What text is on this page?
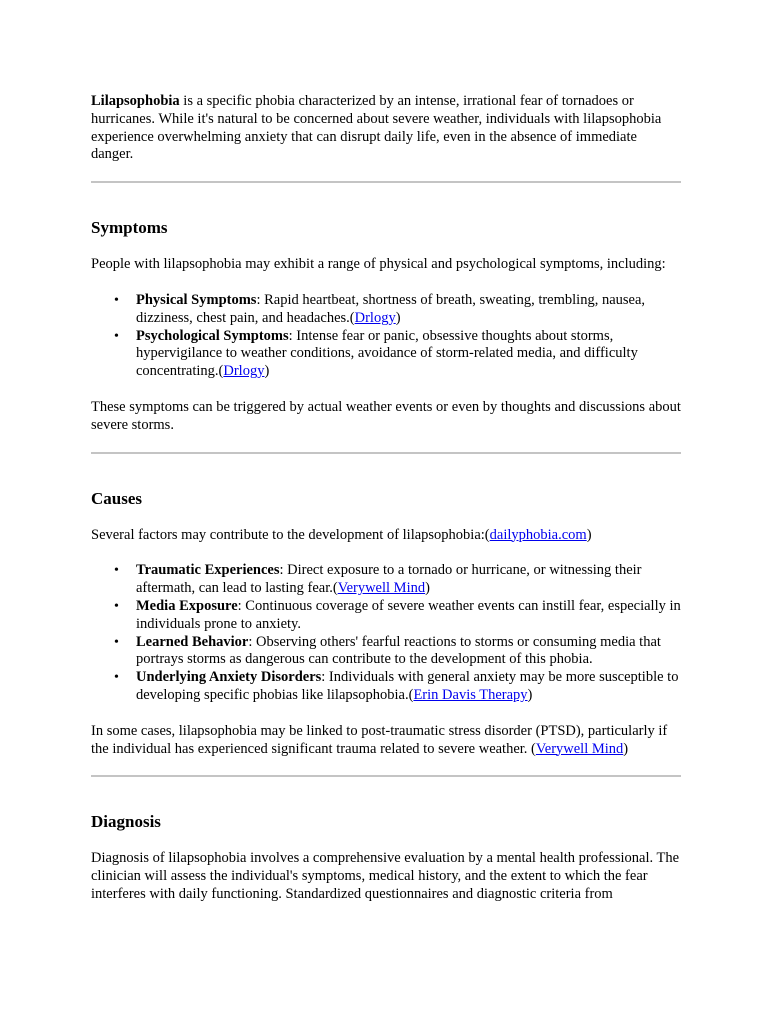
Lilapsophobia is a specific phobia characterized by an intense, irrational fear of tornadoes or hurricanes. While it's natural to be concerned about severe weather, individuals with lilapsophobia experience overwhelming anxiety that can disrupt daily life, even in the absence of immediate danger.

Symptoms

People with lilapsophobia may exhibit a range of physical and psychological symptoms, including:

• Physical Symptoms: Rapid heartbeat, shortness of breath, sweating, trembling, nausea, dizziness, chest pain, and headaches.(Drlogy)
• Psychological Symptoms: Intense fear or panic, obsessive thoughts about storms, hypervigilance to weather conditions, avoidance of storm-related media, and difficulty concentrating.(Drlogy)

These symptoms can be triggered by actual weather events or even by thoughts and discussions about severe storms.

Causes

Several factors may contribute to the development of lilapsophobia:(dailyphobia.com)

• Traumatic Experiences: Direct exposure to a tornado or hurricane, or witnessing their aftermath, can lead to lasting fear.(Verywell Mind)
• Media Exposure: Continuous coverage of severe weather events can instill fear, especially in individuals prone to anxiety.
• Learned Behavior: Observing others' fearful reactions to storms or consuming media that portrays storms as dangerous can contribute to the development of this phobia.
• Underlying Anxiety Disorders: Individuals with general anxiety may be more susceptible to developing specific phobias like lilapsophobia.(Erin Davis Therapy)

In some cases, lilapsophobia may be linked to post-traumatic stress disorder (PTSD), particularly if the individual has experienced significant trauma related to severe weather. (Verywell Mind)

Diagnosis

Diagnosis of lilapsophobia involves a comprehensive evaluation by a mental health professional. The clinician will assess the individual's symptoms, medical history, and the extent to which the fear interferes with daily functioning. Standardized questionnaires and diagnostic criteria from
